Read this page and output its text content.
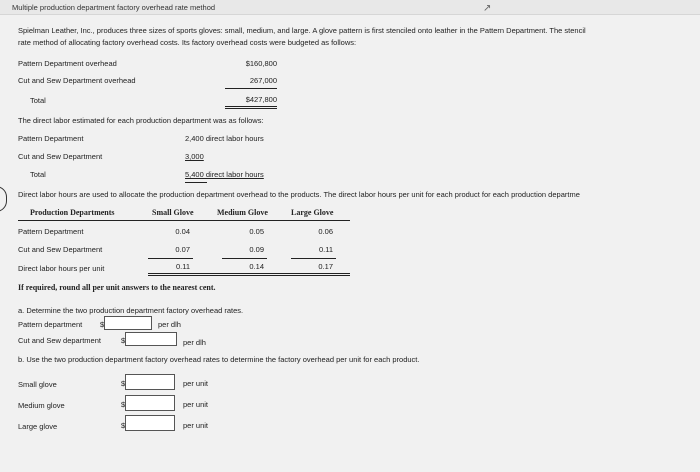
Multiple production department factory overhead rate method	↗
Spielman Leather, Inc., produces three sizes of sports gloves: small, medium, and large. A glove pattern is first stenciled onto leather in the Pattern Department. The stencil
rate method of allocating factory overhead costs. Its factory overhead costs were budgeted as follows:
Pattern Department overhead	$160,800
Cut and Sew Department overhead	267,000
Total	$427,800
The direct labor estimated for each production department was as follows:
Pattern Department	2,400 direct labor hours
Cut and Sew Department	3,000
Total	5,400 direct labor hours
Direct labor hours are used to allocate the production department overhead to the products. The direct labor hours per unit for each product for each production departme
Production Departments	Small Glove	Medium Glove	Large Glove
Pattern Department	0.04	0.05	0.06
Cut and Sew Department	0.07	0.09	0.11
Direct labor hours per unit	0.11	0.14	0.17
If required, round all per unit answers to the nearest cent.
a. Determine the two production department factory overhead rates.
Pattern department $	per dlh
Cut and Sew department	$	per dlh
b. Use the two production department factory overhead rates to determine the factory overhead per unit for each product.
Small glove	$	per unit
Medium glove	$	per unit
Large glove	$	per unit
